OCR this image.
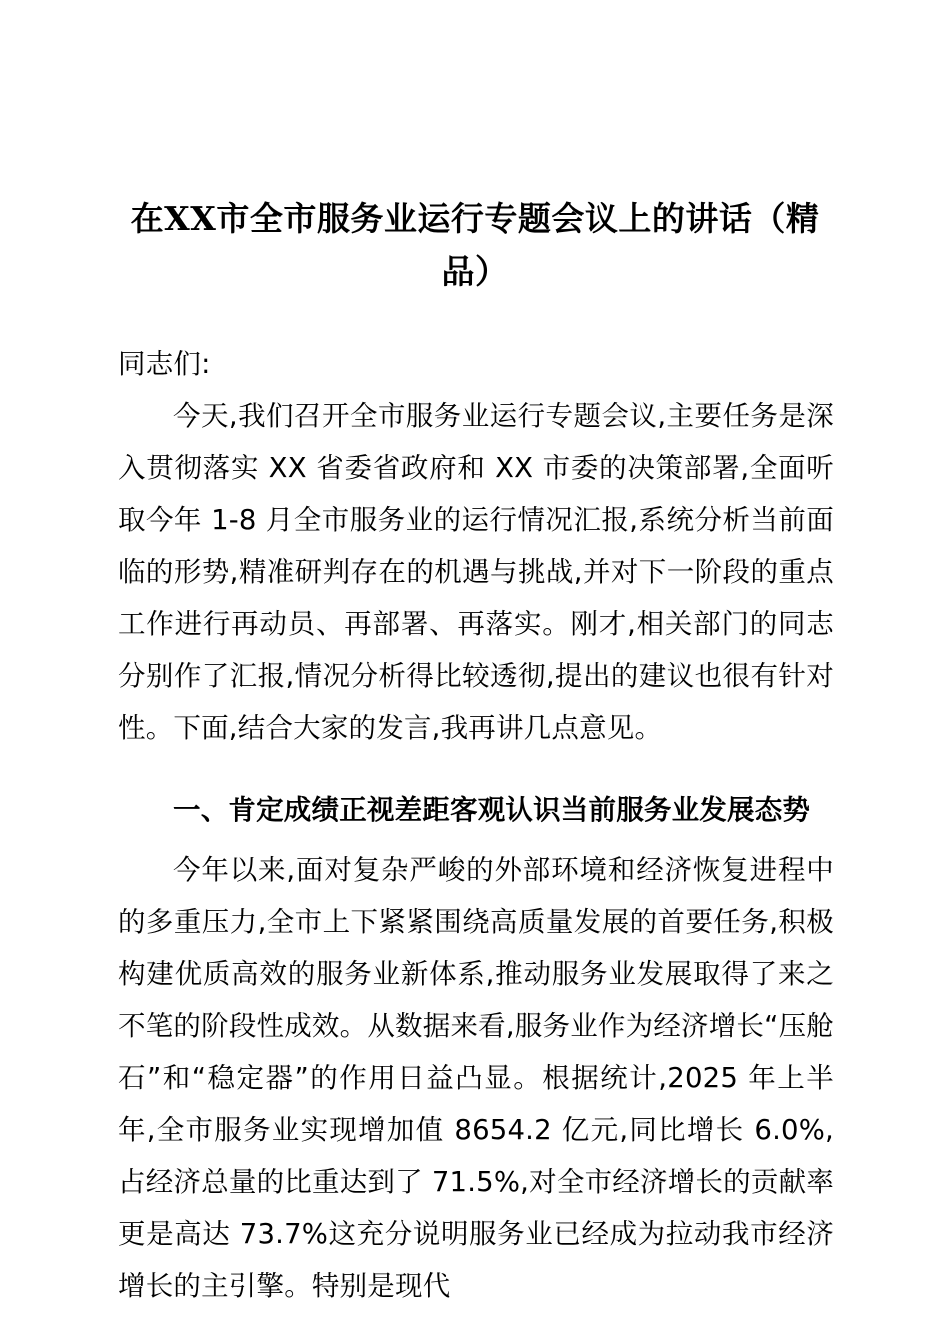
在XX市全市服务业运行专题会议上的讲话（精品）

同志们:

今天,我们召开全市服务业运行专题会议,主要任务是深入贯彻落实 XX 省委省政府和 XX 市委的决策部署,全面听取今年 1-8 月全市服务业的运行情况汇报,系统分析当前面临的形势,精准研判存在的机遇与挑战,并对下一阶段的重点工作进行再动员、再部署、再落实。刚才,相关部门的同志分别作了汇报,情况分析得比较透彻,提出的建议也很有针对性。下面,结合大家的发言,我再讲几点意见。

一、肯定成绩正视差距客观认识当前服务业发展态势

今年以来,面对复杂严峻的外部环境和经济恢复进程中的多重压力,全市上下紧紧围绕高质量发展的首要任务,积极构建优质高效的服务业新体系,推动服务业发展取得了来之不笔的阶段性成效。从数据来看,服务业作为经济增长“压舱石”和“稳定器”的作用日益凸显。根据统计,2025 年上半年,全市服务业实现增加值 8654.2 亿元,同比增长 6.0%,占经济总量的比重达到了 71.5%,对全市经济增长的贡献率更是高达 73.7%这充分说明服务业已经成为拉动我市经济增长的主引擎。特别是现代
